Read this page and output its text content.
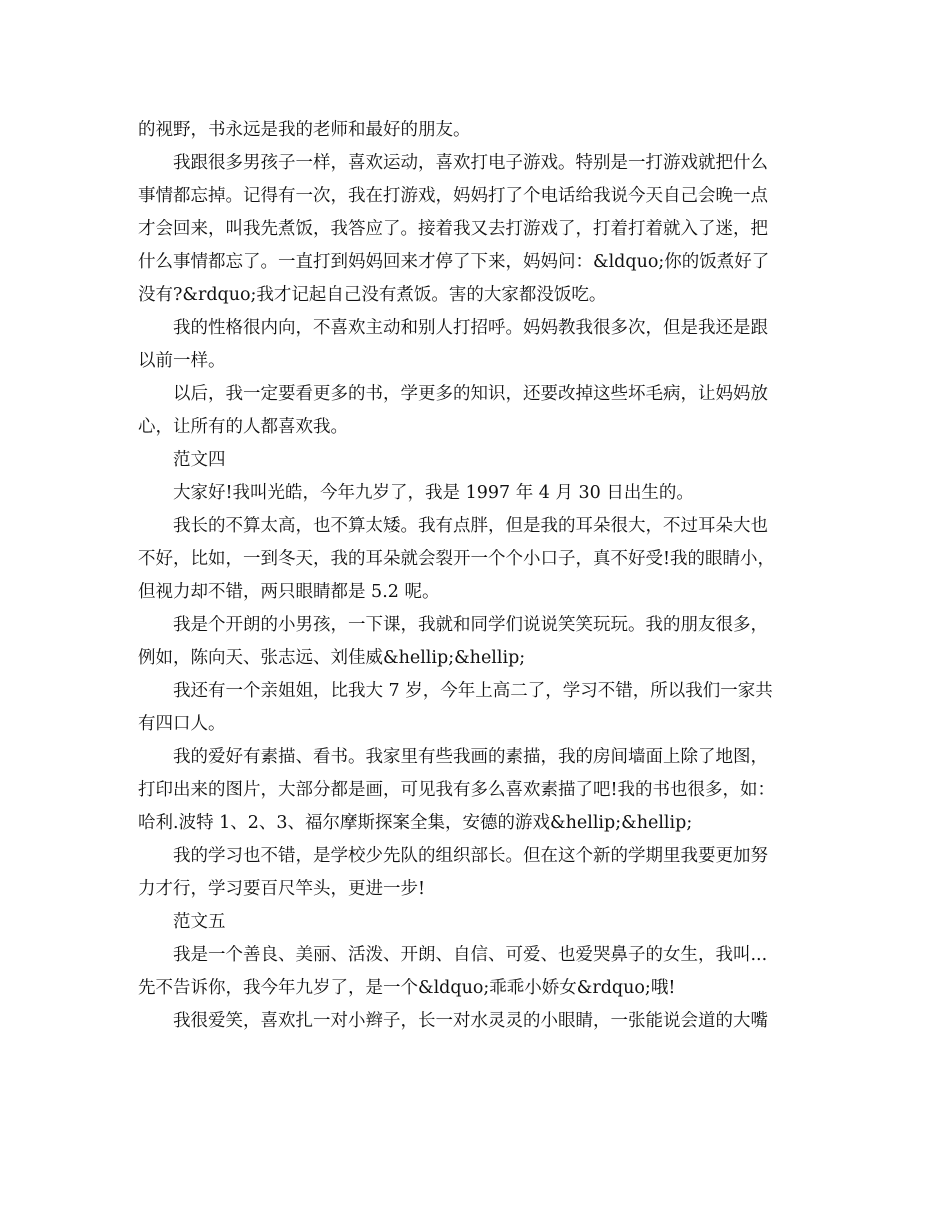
的视野，书永远是我的老师和最好的朋友。
我跟很多男孩子一样，喜欢运动，喜欢打电子游戏。特别是一打游戏就把什么
事情都忘掉。记得有一次，我在打游戏，妈妈打了个电话给我说今天自己会晚一点
才会回来，叫我先煮饭，我答应了。接着我又去打游戏了，打着打着就入了迷，把
什么事情都忘了。一直打到妈妈回来才停了下来，妈妈问：&ldquo;你的饭煮好了
没有?&rdquo;我才记起自己没有煮饭。害的大家都没饭吃。
我的性格很内向，不喜欢主动和别人打招呼。妈妈教我很多次，但是我还是跟
以前一样。
以后，我一定要看更多的书，学更多的知识，还要改掉这些坏毛病，让妈妈放
心，让所有的人都喜欢我。
范文四
大家好!我叫光皓，今年九岁了，我是 1997 年 4 月 30 日出生的。
我长的不算太高，也不算太矮。我有点胖，但是我的耳朵很大，不过耳朵大也
不好，比如，一到冬天，我的耳朵就会裂开一个个小口子，真不好受!我的眼睛小，
但视力却不错，两只眼睛都是 5.2 呢。
我是个开朗的小男孩，一下课，我就和同学们说说笑笑玩玩。我的朋友很多，
例如，陈向天、张志远、刘佳威&hellip;&hellip;
我还有一个亲姐姐，比我大 7 岁，今年上高二了，学习不错，所以我们一家共
有四口人。
我的爱好有素描、看书。我家里有些我画的素描，我的房间墙面上除了地图，
打印出来的图片，大部分都是画，可见我有多么喜欢素描了吧!我的书也很多，如：
哈利.波特 1、2、3、福尔摩斯探案全集，安德的游戏&hellip;&hellip;
我的学习也不错，是学校少先队的组织部长。但在这个新的学期里我要更加努
力才行，学习要百尺竿头，更进一步!
范文五
我是一个善良、美丽、活泼、开朗、自信、可爱、也爱哭鼻子的女生，我叫...
先不告诉你，我今年九岁了，是一个&ldquo;乖乖小娇女&rdquo;哦!
我很爱笑，喜欢扎一对小辫子，长一对水灵灵的小眼睛，一张能说会道的大嘴
